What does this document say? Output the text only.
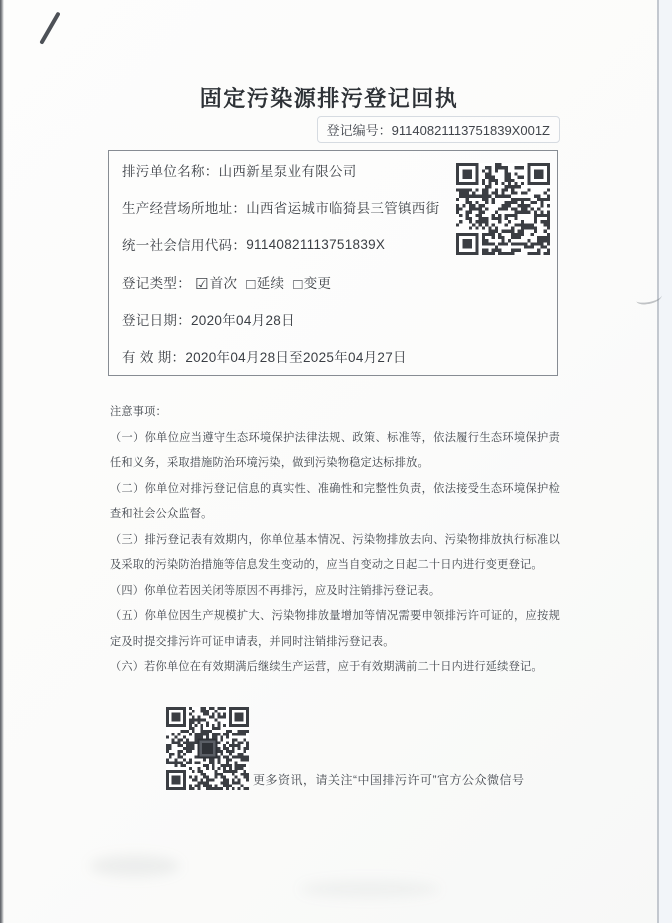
固定污染源排污登记回执
登记编号：91140821113751839X001Z
排污单位名称： 山西新星泵业有限公司
生产经营场所地址： 山西省运城市临猗县三管镇西街
统一社会信用代码： 91140821113751839X
登记类型： ☑首次 □延续 □变更
登记日期： 2020年04月28日
有 效 期： 2020年04月28日至2025年04月27日

注意事项：

（一）你单位应当遵守生态环境保护法律法规、政策、标准等，依法履行生态环境保护责任和义务，采取措施防治环境污染，做到污染物稳定达标排放。

（二）你单位对排污登记信息的真实性、准确性和完整性负责，依法接受生态环境保护检查和社会公众监督。

（三）排污登记表有效期内，你单位基本情况、污染物排放去向、污染物排放执行标准以及采取的污染防治措施等信息发生变动的，应当自变动之日起二十日内进行变更登记。

（四）你单位若因关闭等原因不再排污，应及时注销排污登记表。

（五）你单位因生产规模扩大、污染物排放量增加等情况需要申领排污许可证的，应按规定及时提交排污许可证申请表，并同时注销排污登记表。

（六）若你单位在有效期满后继续生产运营，应于有效期满前二十日内进行延续登记。

更多资讯，请关注“中国排污许可”官方公众微信号
